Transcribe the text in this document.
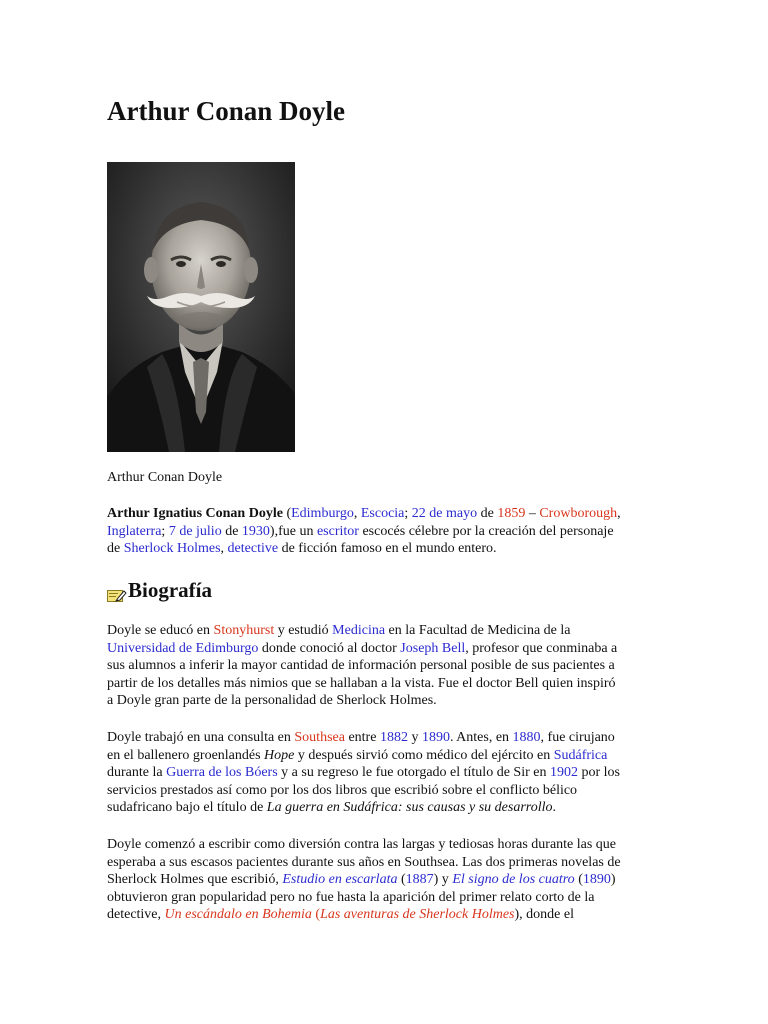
Arthur Conan Doyle
Arthur Conan Doyle

Arthur Ignatius Conan Doyle (Edimburgo, Escocia; 22 de mayo de 1859 – Crowborough,
Inglaterra; 7 de julio de 1930),fue un escritor escocés célebre por la creación del personaje
de Sherlock Holmes, detective de ficción famoso en el mundo entero.

Biografía

Doyle se educó en Stonyhurst y estudió Medicina en la Facultad de Medicina de la
Universidad de Edimburgo donde conoció al doctor Joseph Bell, profesor que conminaba a
sus alumnos a inferir la mayor cantidad de información personal posible de sus pacientes a
partir de los detalles más nimios que se hallaban a la vista. Fue el doctor Bell quien inspiró
a Doyle gran parte de la personalidad de Sherlock Holmes.

Doyle trabajó en una consulta en Southsea entre 1882 y 1890. Antes, en 1880, fue cirujano
en el ballenero groenlandés Hope y después sirvió como médico del ejército en Sudáfrica
durante la Guerra de los Bóers y a su regreso le fue otorgado el título de Sir en 1902 por los
servicios prestados así como por los dos libros que escribió sobre el conflicto bélico
sudafricano bajo el título de La guerra en Sudáfrica: sus causas y su desarrollo.

Doyle comenzó a escribir como diversión contra las largas y tediosas horas durante las que
esperaba a sus escasos pacientes durante sus años en Southsea. Las dos primeras novelas de
Sherlock Holmes que escribió, Estudio en escarlata (1887) y El signo de los cuatro (1890)
obtuvieron gran popularidad pero no fue hasta la aparición del primer relato corto de la
detective, Un escándalo en Bohemia (Las aventuras de Sherlock Holmes), donde el
